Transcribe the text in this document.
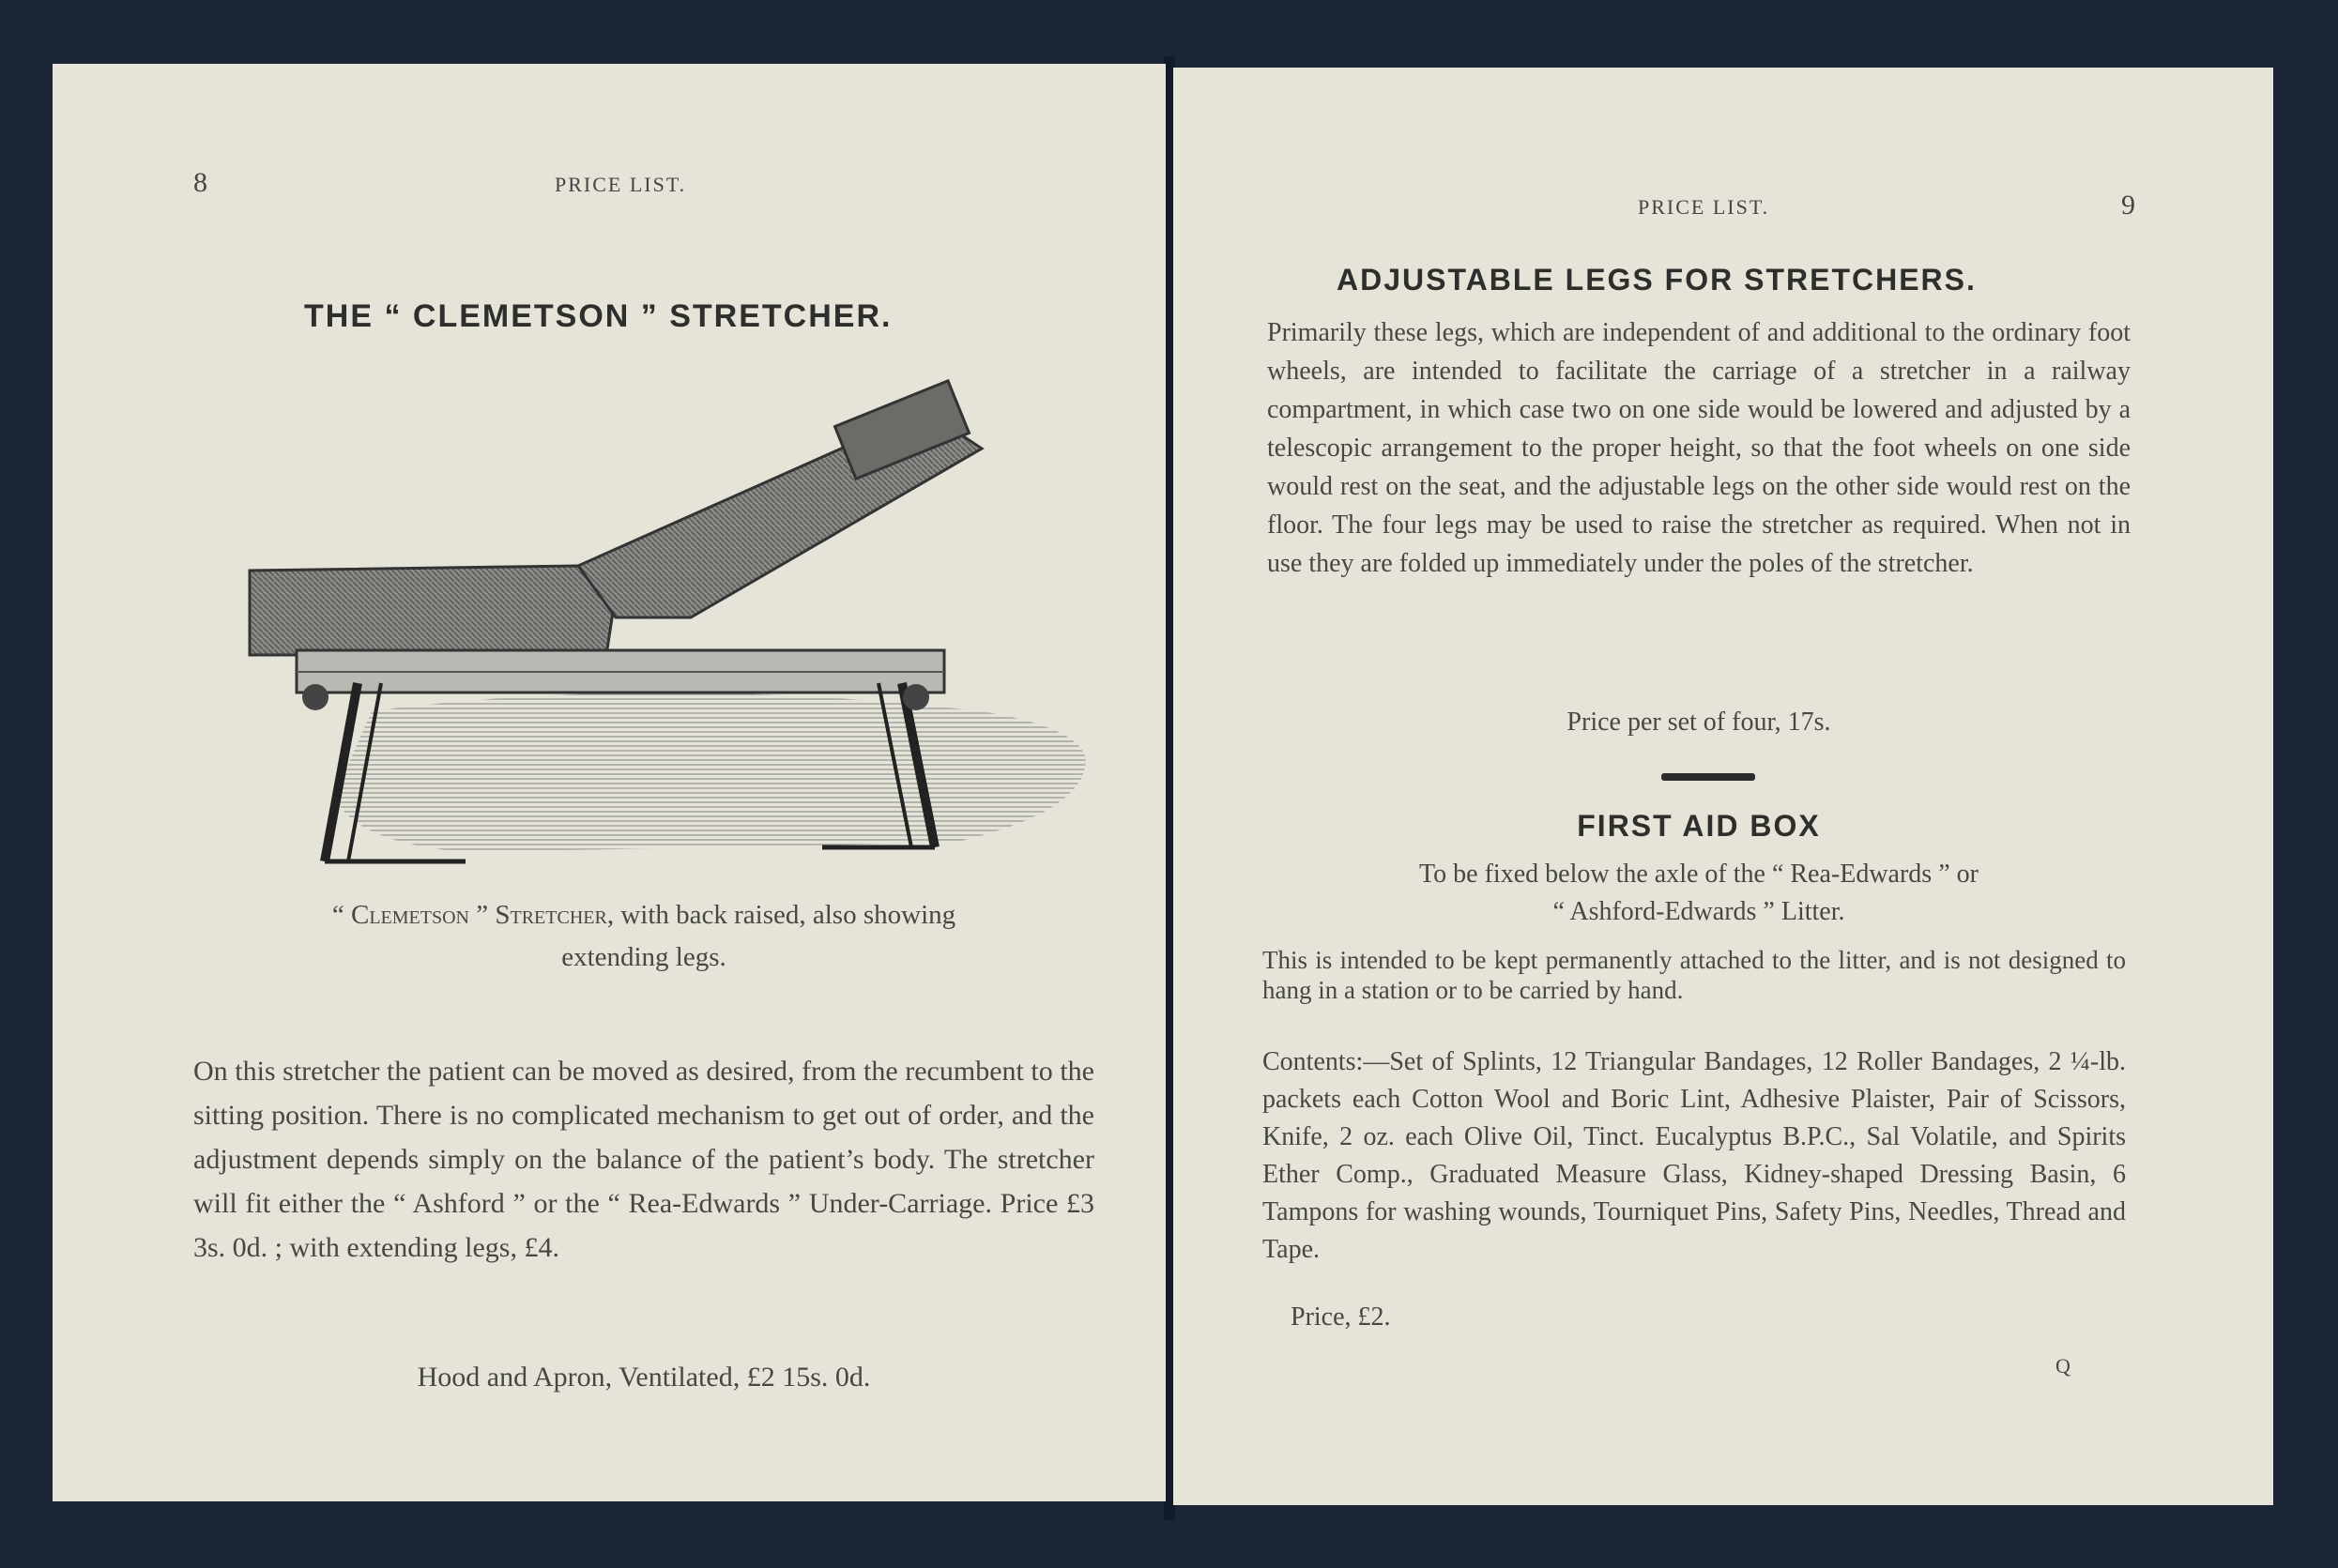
8	PRICE LIST.
THE “ CLEMETSON ” STRETCHER.
“ Clemetson ” Stretcher, with back raised, also showing
extending legs.
On this stretcher the patient can be moved as desired, from the recumbent to the sitting position. There is no complicated mechanism to get out of order, and the adjustment depends simply on the balance of the patient’s body. The stretcher will fit either the “ Ashford ” or the “ Rea-Edwards ” Under-Carriage. Price £3 3s. 0d. ; with extending legs, £4.
Hood and Apron, Ventilated, £2 15s. 0d.
PRICE LIST.	9
ADJUSTABLE LEGS FOR STRETCHERS.
Primarily these legs, which are independent of and additional to the ordinary foot wheels, are intended to facilitate the carriage of a stretcher in a railway compartment, in which case two on one side would be lowered and adjusted by a telescopic arrangement to the proper height, so that the foot wheels on one side would rest on the seat, and the adjustable legs on the other side would rest on the floor. The four legs may be used to raise the stretcher as required. When not in use they are folded up immediately under the poles of the stretcher.
Price per set of four, 17s.
FIRST AID BOX
To be fixed below the axle of the “ Rea-Edwards ” or
“ Ashford-Edwards ” Litter.
This is intended to be kept permanently attached to the litter, and is not designed to hang in a station or to be carried by hand.
Contents:—Set of Splints, 12 Triangular Bandages, 12 Roller Bandages, 2 ¼-lb. packets each Cotton Wool and Boric Lint, Adhesive Plaister, Pair of Scissors, Knife, 2 oz. each Olive Oil, Tinct. Eucalyptus B.P.C., Sal Volatile, and Spirits Ether Comp., Graduated Measure Glass, Kidney-shaped Dressing Basin, 6 Tampons for washing wounds, Tourniquet Pins, Safety Pins, Needles, Thread and Tape.
Price, £2.
Q
